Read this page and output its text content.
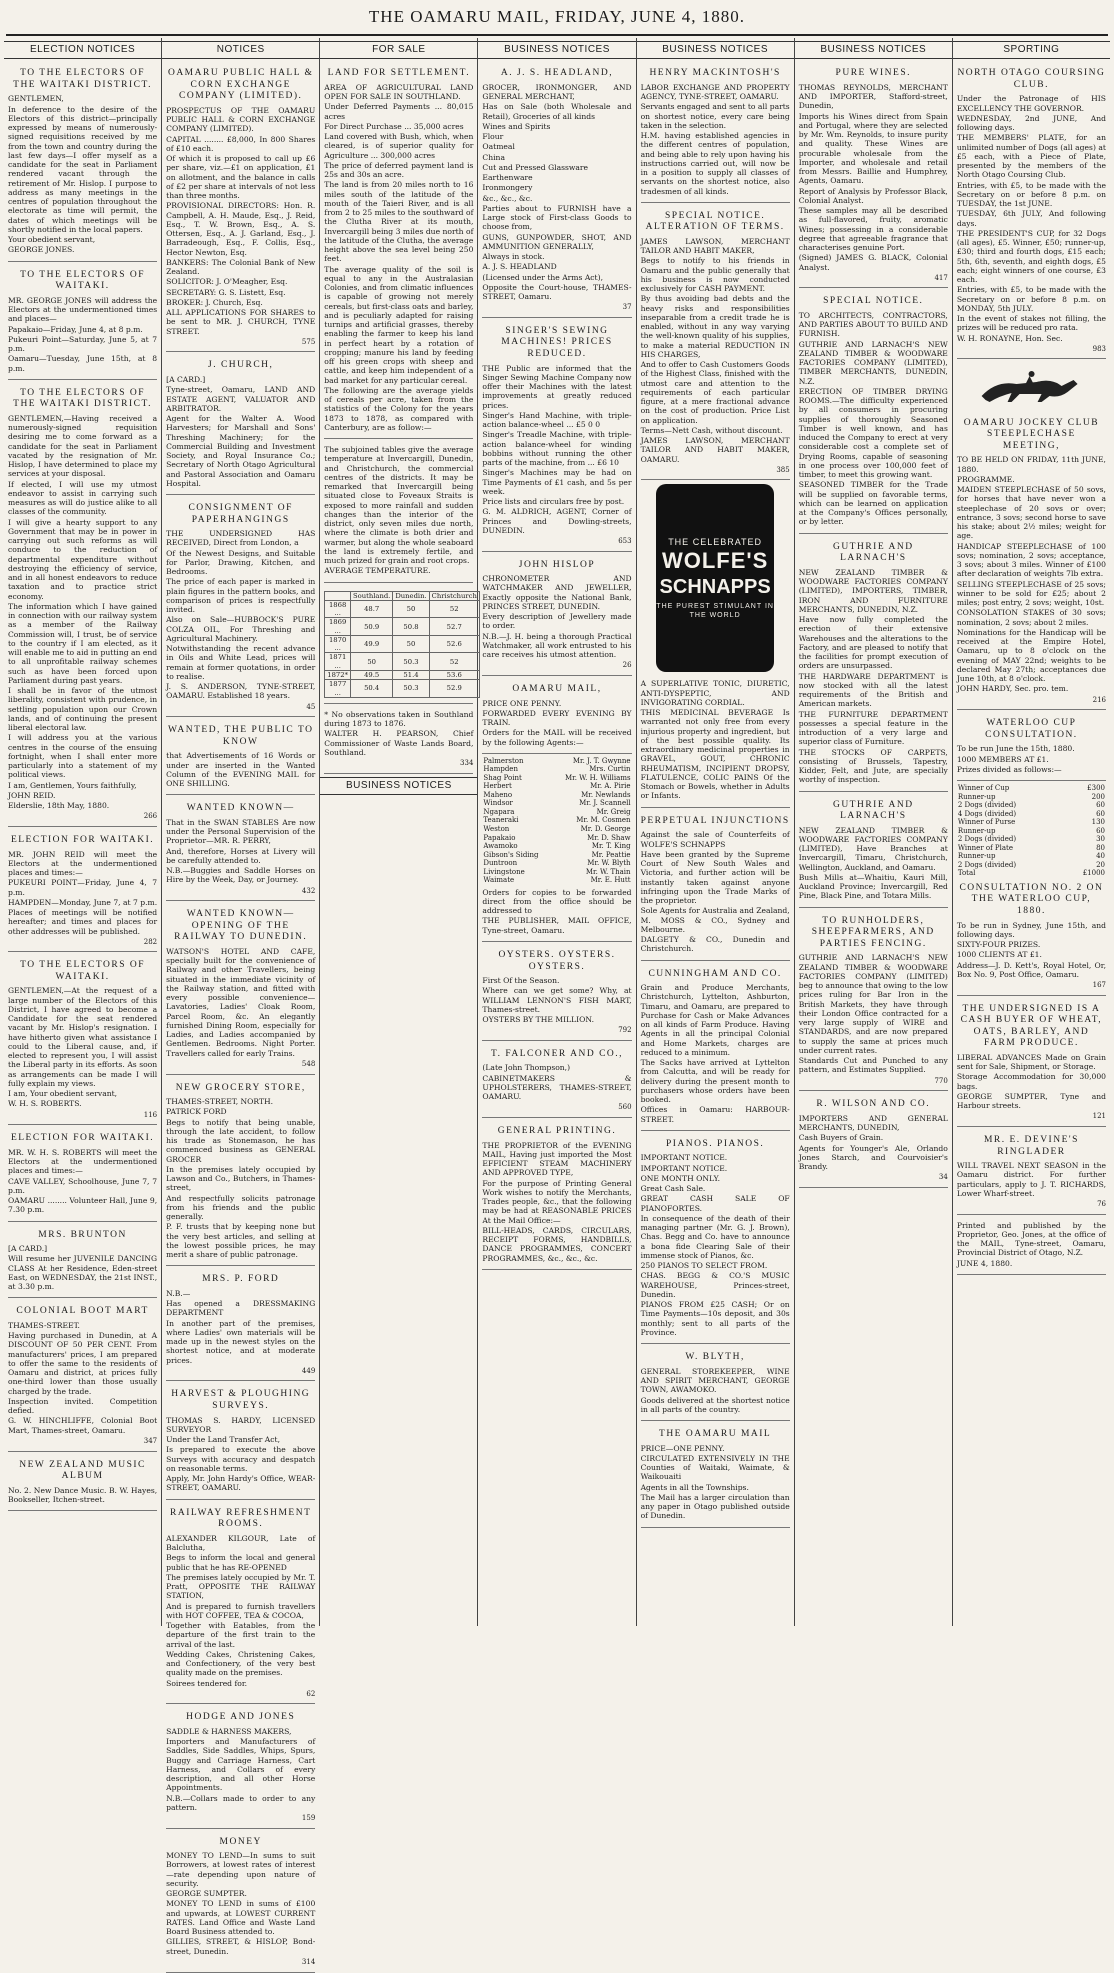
THE OAMARU MAIL, FRIDAY, JUNE 4, 1880.
ELECTION NOTICES
TO THE ELECTORS OF THE WAITAKI DISTRICT.

GENTLEMEN,

In deference to the desire of the Electors of this district—principally expressed by means of numerously-signed requisitions received by me from the town and country during the last few days—I offer myself as a candidate for the seat in Parliament rendered vacant through the retirement of Mr. Hislop. I purpose to address as many meetings in the centres of population throughout the electorate as time will permit, the dates of which meetings will be shortly notified in the local papers.

Your obedient servant,

GEORGE JONES.

TO THE ELECTORS OF WAITAKI.

MR. GEORGE JONES will address the Electors at the undermentioned times and places—

Papakaio—Friday, June 4, at 8 p.m.

Pukeuri Point—Saturday, June 5, at 7 p.m.

Oamaru—Tuesday, June 15th, at 8 p.m.

TO THE ELECTORS OF THE WAITAKI DISTRICT.

GENTLEMEN,—Having received a numerously-signed requisition desiring me to come forward as a candidate for the seat in Parliament vacated by the resignation of Mr. Hislop, I have determined to place my services at your disposal.

If elected, I will use my utmost endeavor to assist in carrying such measures as will do justice alike to all classes of the community.

I will give a hearty support to any Government that may be in power in carrying out such reforms as will conduce to the reduction of departmental expenditure without destroying the efficiency of service, and in all honest endeavors to reduce taxation and to practice strict economy.

The information which I have gained in connection with our railway system as a member of the Railway Commission will, I trust, be of service to the country if I am elected, as it will enable me to aid in putting an end to all unprofitable railway schemes such as have been forced upon Parliament during past years.

I shall be in favor of the utmost liberality, consistent with prudence, in settling population upon our Crown lands, and of continuing the present liberal electoral law.

I will address you at the various centres in the course of the ensuing fortnight, when I shall enter more particularly into a statement of my political views.

I am, Gentlemen, Yours faithfully,

JOHN REID.

Elderslie, 18th May, 1880.

266
ELECTION FOR WAITAKI.

MR. JOHN REID will meet the Electors at the undermentioned places and times:—

PUKEURI POINT—Friday, June 4, 7 p.m.

HAMPDEN—Monday, June 7, at 7 p.m.

Places of meetings will be notified hereafter; and times and places for other addresses will be published.

282
TO THE ELECTORS OF WAITAKI.

GENTLEMEN,—At the request of a large number of the Electors of this District, I have agreed to become a Candidate for the seat rendered vacant by Mr. Hislop's resignation. I have hitherto given what assistance I could to the Liberal cause, and, if elected to represent you, I will assist the Liberal party in its efforts. As soon as arrangements can be made I will fully explain my views.

I am, Your obedient servant,

W. H. S. ROBERTS.

116
ELECTION FOR WAITAKI.

MR. W. H. S. ROBERTS will meet the Electors at the undermentioned places and times:—

CAVE VALLEY, Schoolhouse, June 7, 7 p.m.

OAMARU ........ Volunteer Hall, June 9, 7.30 p.m.

MRS. BRUNTON

[A CARD.]

Will resume her JUVENILE DANCING CLASS At her Residence, Eden-street East, on WEDNESDAY, the 21st INST., at 3.30 p.m.

COLONIAL BOOT MART

THAMES-STREET.

Having purchased in Dunedin, at A DISCOUNT OF 50 PER CENT. From manufacturers' prices, I am prepared to offer the same to the residents of Oamaru and district, at prices fully one-third lower than those usually charged by the trade.

Inspection invited. Competition defied.

G. W. HINCHLIFFE, Colonial Boot Mart, Thames-street, Oamaru.

347
NEW ZEALAND MUSIC ALBUM

No. 2. New Dance Music. B. W. Hayes, Bookseller, Itchen-street.

NOTICES
OAMARU PUBLIC HALL & CORN EXCHANGE COMPANY (LIMITED).

PROSPECTUS OF THE OAMARU PUBLIC HALL & CORN EXCHANGE COMPANY (LIMITED).

CAPITAL ........ £8,000, In 800 Shares of £10 each.

Of which it is proposed to call up £6 per share, viz.—£1 on application, £1 on allotment, and the balance in calls of £2 per share at intervals of not less than three months.

PROVISIONAL DIRECTORS: Hon. R. Campbell, A. H. Maude, Esq., J. Reid, Esq., T. W. Brown, Esq., A. S. Ottersen, Esq., A. J. Garland, Esq., J. Barradeough, Esq., F. Collis, Esq., Hector Newton, Esq.

BANKERS: The Colonial Bank of New Zealand.

SOLICITOR: J. O'Meagher, Esq.

SECRETARY: G. S. Listett, Esq.

BROKER: J. Church, Esq.

ALL APPLICATIONS FOR SHARES to be sent to MR. J. CHURCH, TYNE STREET.

575
J. CHURCH,

[A CARD.]

Tyne-street, Oamaru, LAND AND ESTATE AGENT, VALUATOR AND ARBITRATOR.

Agent for the Walter A. Wood Harvesters; for Marshall and Sons' Threshing Machinery; for the Commercial Building and Investment Society, and Royal Insurance Co.; Secretary of North Otago Agricultural and Pastoral Association and Oamaru Hospital.

CONSIGNMENT OF PAPERHANGINGS

THE UNDERSIGNED HAS RECEIVED, Direct from London, a

Of the Newest Designs, and Suitable for Parlor, Drawing, Kitchen, and Bedrooms.

The price of each paper is marked in plain figures in the pattern books, and comparison of prices is respectfully invited.

Also on Sale—HUBBOCK'S PURE COLZA OIL, For Threshing and Agricultural Machinery.

Notwithstanding the recent advance in Oils and White Lead, prices will remain at former quotations, in order to realise.

J. S. ANDERSON, TYNE-STREET, OAMARU. Established 18 years.

45
WANTED, THE PUBLIC TO KNOW

that Advertisements of 16 Words or under are inserted in the Wanted Column of the EVENING MAIL for ONE SHILLING.

WANTED KNOWN—

That in the SWAN STABLES Are now under the Personal Supervision of the Proprietor—MR. R. PERRY,

And, therefore, Horses at Livery will be carefully attended to.

N.B.—Buggies and Saddle Horses on Hire by the Week, Day, or Journey.

432
WANTED KNOWN—OPENING OF THE RAILWAY TO DUNEDIN.

WATSON'S HOTEL AND CAFE, specially built for the convenience of Railway and other Travellers, being situated in the immediate vicinity of the Railway station, and fitted with every possible convenience—Lavatories, Ladies' Cloak Room, Parcel Room, &c. An elegantly furnished Dining Room, especially for Ladies, and Ladies accompanied by Gentlemen. Bedrooms. Night Porter. Travellers called for early Trains.

548
NEW GROCERY STORE,

THAMES-STREET, NORTH.

PATRICK FORD

Begs to notify that being unable, through the late accident, to follow his trade as Stonemason, he has commenced business as GENERAL GROCER

In the premises lately occupied by Lawson and Co., Butchers, in Thames-street,

And respectfully solicits patronage from his friends and the public generally.

P. F. trusts that by keeping none but the very best articles, and selling at the lowest possible prices, he may merit a share of public patronage.

MRS. P. FORD

N.B.—

Has opened a DRESSMAKING DEPARTMENT

In another part of the premises, where Ladies' own materials will be made up in the newest styles on the shortest notice, and at moderate prices.

449
HARVEST & PLOUGHING SURVEYS.

THOMAS S. HARDY, LICENSED SURVEYOR

Under the Land Transfer Act,

Is prepared to execute the above Surveys with accuracy and despatch on reasonable terms.

Apply, Mr. John Hardy's Office, WEAR-STREET, OAMARU.

RAILWAY REFRESHMENT ROOMS.

ALEXANDER KILGOUR, Late of Balclutha,

Begs to inform the local and general public that he has RE-OPENED

The premises lately occupied by Mr. T. Pratt, OPPOSITE THE RAILWAY STATION,

And is prepared to furnish travellers with HOT COFFEE, TEA & COCOA,

Together with Eatables, from the departure of the first train to the arrival of the last.

Wedding Cakes, Christening Cakes, and Confectionery, of the very best quality made on the premises.

Soirees tendered for.

62
HODGE AND JONES

SADDLE & HARNESS MAKERS,

Importers and Manufacturers of Saddles, Side Saddles, Whips, Spurs, Buggy and Carriage Harness, Cart Harness, and Collars of every description, and all other Horse Appointments.

N.B.—Collars made to order to any pattern.

159
MONEY

MONEY TO LEND—In sums to suit Borrowers, at lowest rates of interest—rate depending upon nature of security.

GEORGE SUMPTER.

MONEY TO LEND in sums of £100 and upwards, at LOWEST CURRENT RATES. Land Office and Waste Land Board Business attended to.

GILLIES, STREET, & HISLOP, Bond-street, Dunedin.

314
FOR SALE
LAND FOR SETTLEMENT.

AREA OF AGRICULTURAL LAND OPEN FOR SALE IN SOUTHLAND.

Under Deferred Payments ... 80,015 acres

For Direct Purchase ... 35,000 acres

Land covered with Bush, which, when cleared, is of superior quality for Agriculture ... 300,000 acres

The price of deferred payment land is 25s and 30s an acre.

The land is from 20 miles north to 16 miles south of the latitude of the mouth of the Taieri River, and is all from 2 to 25 miles to the southward of the Clutha River at its mouth, Invercargill being 3 miles due north of the latitude of the Clutha, the average height above the sea level being 250 feet.

The average quality of the soil is equal to any in the Australasian Colonies, and from climatic influences is capable of growing not merely cereals, but first-class oats and barley, and is peculiarly adapted for raising turnips and artificial grasses, thereby enabling the farmer to keep his land in perfect heart by a rotation of cropping; manure his land by feeding off his green crops with sheep and cattle, and keep him independent of a bad market for any particular cereal.

The following are the average yields of cereals per acre, taken from the statistics of the Colony for the years 1873 to 1878, as compared with Canterbury, are as follow:—

The subjoined tables give the average temperature at Invercargill, Dunedin, and Christchurch, the commercial centres of the districts. It may be remarked that Invercargill being situated close to Foveaux Straits is exposed to more rainfall and sudden changes than the interior of the district, only seven miles due north, where the climate is both drier and warmer, but along the whole seaboard the land is extremely fertile, and much prized for grain and root crops.

AVERAGE TEMPERATURE.

	Southland.	Dunedin.	Christchurch
1868 ...	48.7	50	52
1869 ...	50.9	50.8	52.7
1870 ...	49.9	50	52.6
1871 ...	50	50.3	52
1872*	49.5	51.4	53.6
1877 ...	50.4	50.3	52.9

* No observations taken in Southland during 1873 to 1876.

WALTER H. PEARSON, Chief Commissioner of Waste Lands Board, Southland.

334
BUSINESS NOTICES
BUSINESS NOTICES
A. J. S. HEADLAND,

GROCER, IRONMONGER, AND GENERAL MERCHANT,

Has on Sale (both Wholesale and Retail), Groceries of all kinds

Wines and Spirits

Flour

Oatmeal

China

Cut and Pressed Glassware

Earthenware

Ironmongery

&c., &c., &c.

Parties about to FURNISH have a Large stock of First-class Goods to choose from,

GUNS, GUNPOWDER, SHOT, AND AMMUNITION GENERALLY,

Always in stock.

A. J. S. HEADLAND

(Licensed under the Arms Act),

Opposite the Court-house, THAMES-STREET, Oamaru.

37
SINGER'S SEWING MACHINES! PRICES REDUCED.

THE Public are informed that the Singer Sewing Machine Company now offer their Machines with the latest improvements at greatly reduced prices.

Singer's Hand Machine, with triple-action balance-wheel ... £5 0 0

Singer's Treadle Machine, with triple-action balance-wheel for winding bobbins without running the other parts of the machine, from ... £6 10

Singer's Machines may be had on Time Payments of £1 cash, and 5s per week.

Price lists and circulars free by post.

G. M. ALDRICH, AGENT, Corner of Princes and Dowling-streets, DUNEDIN.

653
JOHN HISLOP

CHRONOMETER AND WATCHMAKER AND JEWELLER, Exactly opposite the National Bank, PRINCES STREET, DUNEDIN.

Every description of Jewellery made to order.

N.B.—J. H. being a thorough Practical Watchmaker, all work entrusted to his care receives his utmost attention.

26
OAMARU MAIL,

PRICE ONE PENNY.

FORWARDED EVERY EVENING BY TRAIN.

Orders for the MAIL will be received by the following Agents:—

Palmerston	Mr. J. T. Gwynne
Hampden	Mrs. Curtin
Shag Point	Mr. W. H. Williams
Herbert	Mr. A. Pirie
Maheno	Mr. Newlands
Windsor	Mr. J. Scannell
Ngapara	Mr. Greig
Teaneraki	Mr. M. Cosmen
Weston	Mr. D. George
Papakaio	Mr. D. Shaw
Awamoko	Mr. T. King
Gibson's Siding	Mr. Peattie
Duntroon	Mr. W. Blyth
Livingstone	Mr. W. Thain
Waimate	Mr. E. Hutt

Orders for copies to be forwarded direct from the office should be addressed to

THE PUBLISHER, MAIL OFFICE, Tyne-street, Oamaru.

OYSTERS. OYSTERS. OYSTERS.

First Of the Season.

Where can we get some? Why, at WILLIAM LENNON'S FISH MART, Thames-street.

OYSTERS BY THE MILLION.

792
T. FALCONER AND CO.,

(Late John Thompson,)

CABINETMAKERS & UPHOLSTERERS, THAMES-STREET, OAMARU.

560
GENERAL PRINTING.

THE PROPRIETOR of the EVENING MAIL, Having just imported the Most EFFICIENT STEAM MACHINERY AND APPROVED TYPE,

For the purpose of Printing General Work wishes to notify the Merchants, Trades people, &c., that the following may be had at REASONABLE PRICES At the Mail Office:—

BILL-HEADS, CARDS, CIRCULARS, RECEIPT FORMS, HANDBILLS, DANCE PROGRAMMES, CONCERT PROGRAMMES, &c., &c., &c.

BUSINESS NOTICES
HENRY MACKINTOSH'S

LABOR EXCHANGE AND PROPERTY AGENCY, TYNE-STREET, OAMARU.

Servants engaged and sent to all parts on shortest notice, every care being taken in the selection.

H.M. having established agencies in the different centres of population, and being able to rely upon having his instructions carried out, will now be in a position to supply all classes of servants on the shortest notice, also tradesmen of all kinds.

SPECIAL NOTICE. ALTERATION OF TERMS.

JAMES LAWSON, MERCHANT TAILOR AND HABIT MAKER,

Begs to notify to his friends in Oamaru and the public generally that his business is now conducted exclusively for CASH PAYMENT.

By thus avoiding bad debts and the heavy risks and responsibilities inseparable from a credit trade he is enabled, without in any way varying the well-known quality of his supplies, to make a material REDUCTION IN HIS CHARGES,

And to offer to Cash Customers Goods of the Highest Class, finished with the utmost care and attention to the requirements of each particular figure, at a mere fractional advance on the cost of production. Price List on application.

Terms—Nett Cash, without discount.

JAMES LAWSON, MERCHANT TAILOR AND HABIT MAKER, OAMARU.

385
THE CELEBRATED
WOLFE'S
SCHNAPPS
THE PUREST STIMULANT IN THE WORLD

A SUPERLATIVE TONIC, DIURETIC, ANTI-DYSPEPTIC, AND INVIGORATING CORDIAL.

THIS MEDICINAL BEVERAGE Is warranted not only free from every injurious property and ingredient, but of the best possible quality. Its extraordinary medicinal properties in GRAVEL, GOUT, CHRONIC RHEUMATISM, INCIPIENT DROPSY, FLATULENCE, COLIC PAINS Of the Stomach or Bowels, whether in Adults or Infants.

PERPETUAL INJUNCTIONS

Against the sale of Counterfeits of WOLFE'S SCHNAPPS

Have been granted by the Supreme Court of New South Wales and Victoria, and further action will be instantly taken against anyone infringing upon the Trade Marks of the proprietor.

Sole Agents for Australia and Zealand, M. MOSS & CO., Sydney and Melbourne.

DALGETY & CO., Dunedin and Christchurch.

CUNNINGHAM AND CO.

Grain and Produce Merchants, Christchurch, Lyttelton, Ashburton, Timaru, and Oamaru, are prepared to Purchase for Cash or Make Advances on all kinds of Farm Produce. Having Agents in all the principal Colonial and Home Markets, charges are reduced to a minimum.

The Sacks have arrived at Lyttelton from Calcutta, and will be ready for delivery during the present month to purchasers whose orders have been booked.

Offices in Oamaru: HARBOUR-STREET.

PIANOS. PIANOS.

IMPORTANT NOTICE.

IMPORTANT NOTICE.

ONE MONTH ONLY.

Great Cash Sale.

GREAT CASH SALE OF PIANOFORTES.

In consequence of the death of their managing partner (Mr. G. J. Brown), Chas. Begg and Co. have to announce a bona fide Clearing Sale of their immense stock of Pianos, &c.

250 PIANOS TO SELECT FROM.

CHAS. BEGG & CO.'S MUSIC WAREHOUSE, Princes-street, Dunedin.

PIANOS FROM £25 CASH; Or on Time Payments—10s deposit, and 30s monthly; sent to all parts of the Province.

W. BLYTH,

GENERAL STOREKEEPER, WINE AND SPIRIT MERCHANT, GEORGE TOWN, AWAMOKO.

Goods delivered at the shortest notice in all parts of the country.

THE OAMARU MAIL

PRICE—ONE PENNY.

CIRCULATED EXTENSIVELY IN THE Counties of Waitaki, Waimate, & Waikouaiti

Agents in all the Townships.

The Mail has a larger circulation than any paper in Otago published outside of Dunedin.

BUSINESS NOTICES
PURE WINES.

THOMAS REYNOLDS, MERCHANT AND IMPORTER, Stafford-street, Dunedin,

Imports his Wines direct from Spain and Portugal, where they are selected by Mr. Wm. Reynolds, to insure purity and quality. These Wines are procurable wholesale from the Importer, and wholesale and retail from Messrs. Baillie and Humphrey, Agents, Oamaru.

Report of Analysis by Professor Black, Colonial Analyst.

These samples may all be described as full-flavored, fruity, aromatic Wines; possessing in a considerable degree that agreeable fragrance that characterises genuine Port.

(Signed) JAMES G. BLACK, Colonial Analyst.

417
SPECIAL NOTICE.

TO ARCHITECTS, CONTRACTORS, AND PARTIES ABOUT TO BUILD AND FURNISH.

GUTHRIE AND LARNACH'S NEW ZEALAND TIMBER & WOODWARE FACTORIES COMPANY (LIMITED), TIMBER MERCHANTS, DUNEDIN, N.Z.

ERECTION OF TIMBER DRYING ROOMS.—The difficulty experienced by all consumers in procuring supplies of thoroughly Seasoned Timber is well known, and has induced the Company to erect at very considerable cost a complete set of Drying Rooms, capable of seasoning in one process over 100,000 feet of timber, to meet this growing want.

SEASONED TIMBER for the Trade will be supplied on favorable terms, which can be learned on application at the Company's Offices personally, or by letter.

GUTHRIE AND LARNACH'S

NEW ZEALAND TIMBER & WOODWARE FACTORIES COMPANY (LIMITED), IMPORTERS, TIMBER, IRON AND FURNITURE MERCHANTS, DUNEDIN, N.Z.

Have now fully completed the erection of their extensive Warehouses and the alterations to the Factory, and are pleased to notify that the facilities for prompt execution of orders are unsurpassed.

THE HARDWARE DEPARTMENT is now stocked with all the latest requirements of the British and American markets.

THE FURNITURE DEPARTMENT possesses a special feature in the introduction of a very large and superior class of Furniture.

THE STOCKS OF CARPETS, consisting of Brussels, Tapestry, Kidder, Felt, and Jute, are specially worthy of inspection.

GUTHRIE AND LARNACH'S

NEW ZEALAND TIMBER & WOODWARE FACTORIES COMPANY (LIMITED), Have Branches at Invercargill, Timaru, Christchurch, Wellington, Auckland, and Oamaru.

Bush Mills at—Whaitiu, Kauri Mill, Auckland Province; Invercargill, Red Pine, Black Pine, and Totara Mills.

TO RUNHOLDERS, SHEEPFARMERS, AND PARTIES FENCING.

GUTHRIE AND LARNACH'S NEW ZEALAND TIMBER & WOODWARE FACTORIES COMPANY (LIMITED) beg to announce that owing to the low prices ruling for Bar Iron in the British Markets, they have through their London Office contracted for a very large supply of WIRE and STANDARDS, and are now prepared to supply the same at prices much under current rates.

Standards Cut and Punched to any pattern, and Estimates Supplied.

770
R. WILSON AND CO.

IMPORTERS AND GENERAL MERCHANTS, DUNEDIN,

Cash Buyers of Grain.

Agents for Younger's Ale, Orlando Jones Starch, and Courvoisier's Brandy.

34
SPORTING
NORTH OTAGO COURSING CLUB.

Under the Patronage of HIS EXCELLENCY THE GOVERNOR.

WEDNESDAY, 2nd JUNE, And following days.

THE MEMBERS' PLATE, for an unlimited number of Dogs (all ages) at £5 each, with a Piece of Plate, presented by the members of the North Otago Coursing Club.

Entries, with £5, to be made with the Secretary on or before 8 p.m. on TUESDAY, the 1st JUNE.

TUESDAY, 6th JULY, And following days.

THE PRESIDENT'S CUP, for 32 Dogs (all ages), £5. Winner, £50; runner-up, £30; third and fourth dogs, £15 each; 5th, 6th, seventh, and eighth dogs, £5 each; eight winners of one course, £3 each.

Entries, with £5, to be made with the Secretary on or before 8 p.m. on MONDAY, 5th JULY.

In the event of stakes not filling, the prizes will be reduced pro rata.

W. H. RONAYNE, Hon. Sec.

983
OAMARU JOCKEY CLUB STEEPLECHASE MEETING,

TO BE HELD ON FRIDAY, 11th JUNE, 1880.

PROGRAMME.

MAIDEN STEEPLECHASE of 50 sovs, for horses that have never won a steeplechase of 20 sovs or over; entrance, 3 sovs; second horse to save his stake; about 2½ miles; weight for age.

HANDICAP STEEPLECHASE of 100 sovs; nomination, 2 sovs; acceptance, 3 sovs; about 3 miles. Winner of £100 after declaration of weights 7lb extra.

SELLING STEEPLECHASE of 25 sovs; winner to be sold for £25; about 2 miles; post entry, 2 sovs; weight, 10st.

CONSOLATION STAKES of 30 sovs; nomination, 2 sovs; about 2 miles.

Nominations for the Handicap will be received at the Empire Hotel, Oamaru, up to 8 o'clock on the evening of MAY 22nd; weights to be declared May 27th; acceptances due June 10th, at 8 o'clock.

JOHN HARDY, Sec. pro. tem.

216
WATERLOO CUP CONSULTATION.

To be run June the 15th, 1880.

1000 MEMBERS AT £1.

Prizes divided as follows:—

Winner of Cup	£300
Runner-up	200
2 Dogs (divided)	60
4 Dogs (divided)	60
Winner of Purse	130
Runner-up	60
2 Dogs (divided)	30
Winner of Plate	80
Runner-up	40
2 Dogs (divided)	20
Total	£1000
CONSULTATION NO. 2 ON THE WATERLOO CUP, 1880.

To be run in Sydney, June 15th, and following days.

SIXTY-FOUR PRIZES.

1000 CLIENTS AT £1.

Address—J. D. Kett's, Royal Hotel, Or, Box No. 9, Post Office, Oamaru.

167
THE UNDERSIGNED IS A CASH BUYER OF WHEAT, OATS, BARLEY, AND FARM PRODUCE.

LIBERAL ADVANCES Made on Grain sent for Sale, Shipment, or Storage.

Storage Accommodation for 30,000 bags.

GEORGE SUMPTER, Tyne and Harbour streets.

121
MR. E. DEVINE'S RINGLADER

WILL TRAVEL NEXT SEASON in the Oamaru district. For further particulars, apply to J. T. RICHARDS, Lower Wharf-street.

76

Printed and published by the Proprietor, Geo. Jones, at the office of the MAIL, Tyne-street, Oamaru, Provincial District of Otago, N.Z.

JUNE 4, 1880.
